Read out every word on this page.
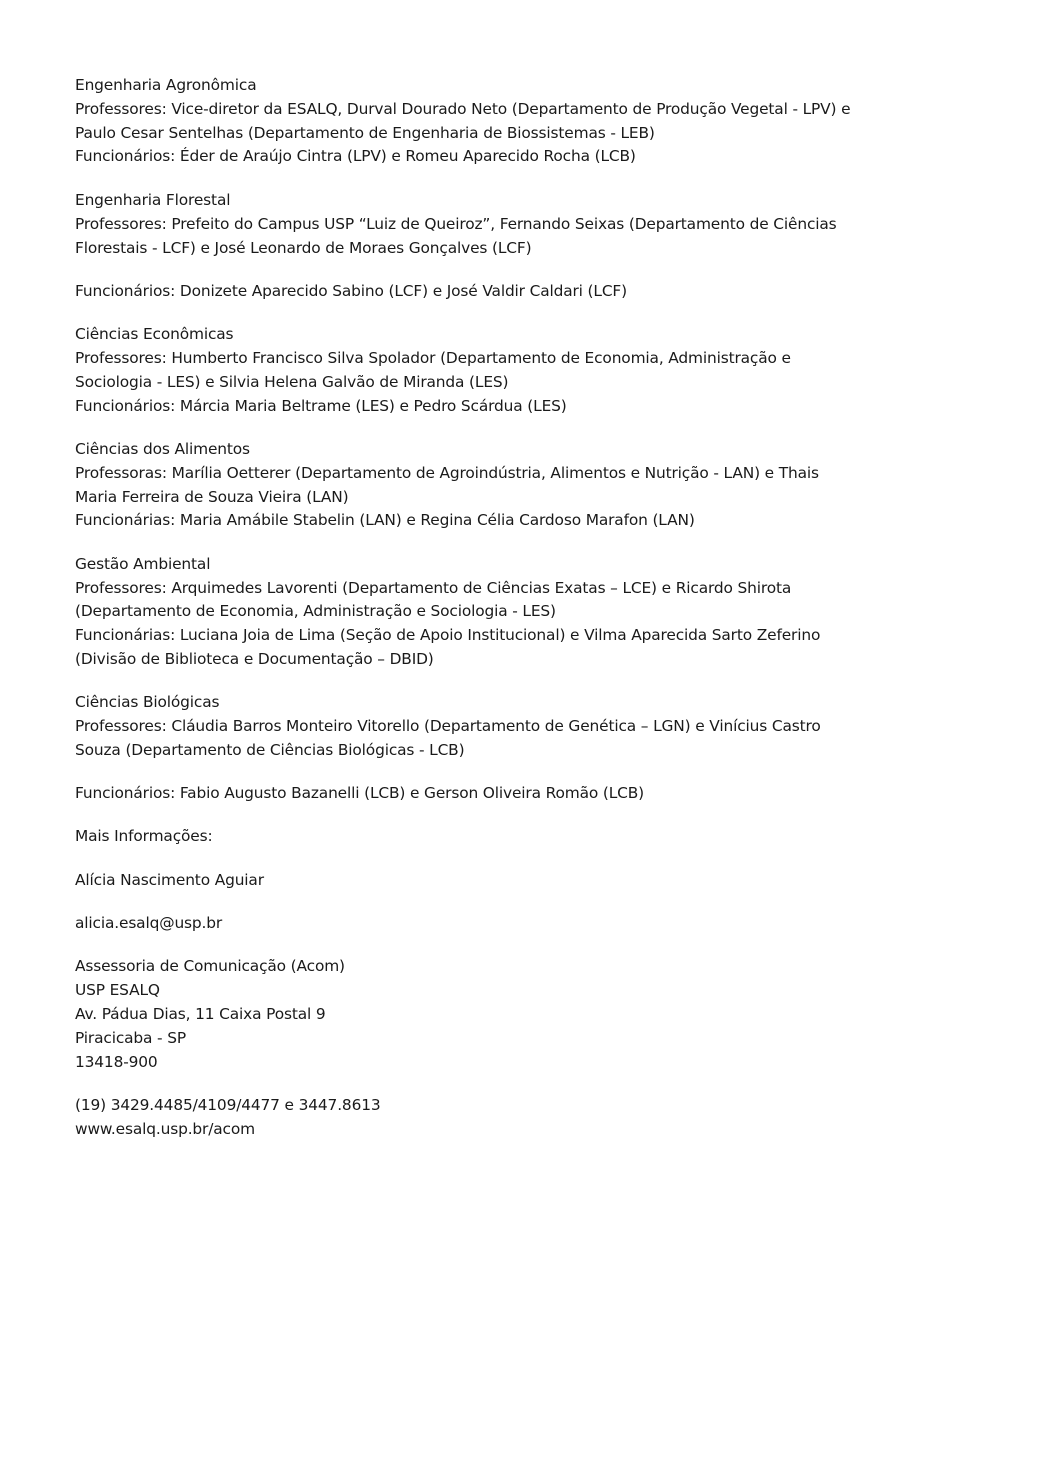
Engenharia Agronômica
Professores: Vice-diretor da ESALQ, Durval Dourado Neto (Departamento de Produção Vegetal - LPV) e
Paulo Cesar Sentelhas (Departamento de Engenharia de Biossistemas - LEB)
Funcionários: Éder de Araújo Cintra (LPV) e Romeu Aparecido Rocha (LCB)
Engenharia Florestal
Professores: Prefeito do Campus USP “Luiz de Queiroz”, Fernando Seixas (Departamento de Ciências
Florestais - LCF) e José Leonardo de Moraes Gonçalves (LCF)
Funcionários: Donizete Aparecido Sabino (LCF) e José Valdir Caldari (LCF)
Ciências Econômicas
Professores: Humberto Francisco Silva Spolador (Departamento de Economia, Administração e
Sociologia - LES) e Silvia Helena Galvão de Miranda (LES)
Funcionários: Márcia Maria Beltrame (LES) e Pedro Scárdua (LES)
Ciências dos Alimentos
Professoras: Marília Oetterer (Departamento de Agroindústria, Alimentos e Nutrição - LAN) e Thais
Maria Ferreira de Souza Vieira (LAN)
Funcionárias: Maria Amábile Stabelin (LAN) e Regina Célia Cardoso Marafon (LAN)
Gestão Ambiental
Professores: Arquimedes Lavorenti (Departamento de Ciências Exatas – LCE) e Ricardo Shirota
(Departamento de Economia, Administração e Sociologia - LES)
Funcionárias: Luciana Joia de Lima (Seção de Apoio Institucional) e Vilma Aparecida Sarto Zeferino
(Divisão de Biblioteca e Documentação – DBID)
Ciências Biológicas
Professores: Cláudia Barros Monteiro Vitorello (Departamento de Genética – LGN) e Vinícius Castro
Souza (Departamento de Ciências Biológicas - LCB)
Funcionários: Fabio Augusto Bazanelli (LCB) e Gerson Oliveira Romão (LCB)
Mais Informações:
Alícia Nascimento Aguiar
alicia.esalq@usp.br
Assessoria de Comunicação (Acom)
USP ESALQ
Av. Pádua Dias, 11 Caixa Postal 9
Piracicaba - SP
13418-900
(19) 3429.4485/4109/4477 e 3447.8613
www.esalq.usp.br/acom
